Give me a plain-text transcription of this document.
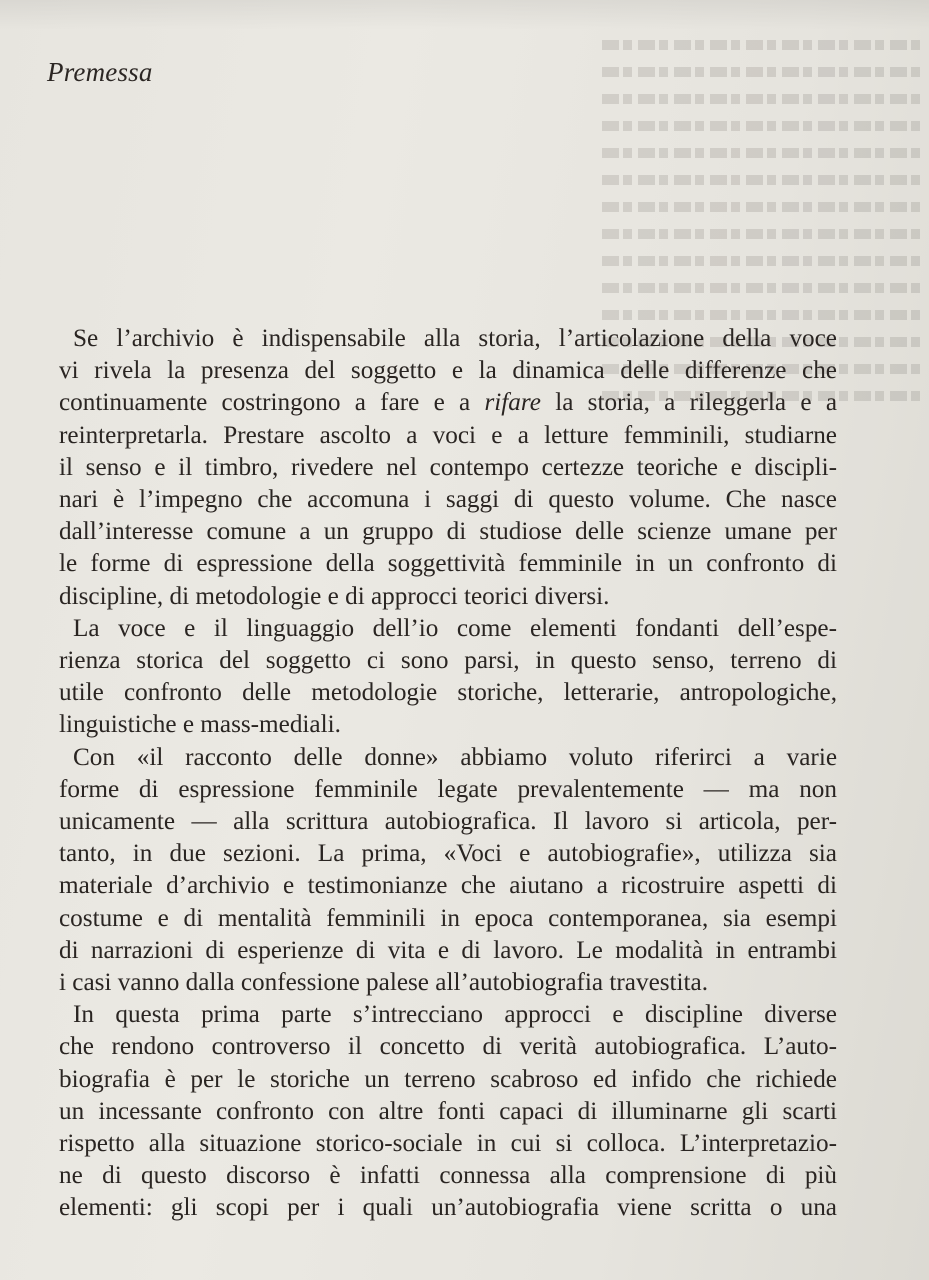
Premessa
Se l’archivio è indispensabile alla storia, l’articolazione della voce
vi rivela la presenza del soggetto e la dinamica delle differenze che
continuamente costringono a fare e a rifare la storia, a rileggerla e a
reinterpretarla. Prestare ascolto a voci e a letture femminili, studiarne
il senso e il timbro, rivedere nel contempo certezze teoriche e discipli-
nari è l’impegno che accomuna i saggi di questo volume. Che nasce
dall’interesse comune a un gruppo di studiose delle scienze umane per
le forme di espressione della soggettività femminile in un confronto di
discipline, di metodologie e di approcci teorici diversi.
La voce e il linguaggio dell’io come elementi fondanti dell’espe-
rienza storica del soggetto ci sono parsi, in questo senso, terreno di
utile confronto delle metodologie storiche, letterarie, antropologiche,
linguistiche e mass-mediali.
Con «il racconto delle donne» abbiamo voluto riferirci a varie
forme di espressione femminile legate prevalentemente — ma non
unicamente — alla scrittura autobiografica. Il lavoro si articola, per-
tanto, in due sezioni. La prima, «Voci e autobiografie», utilizza sia
materiale d’archivio e testimonianze che aiutano a ricostruire aspetti di
costume e di mentalità femminili in epoca contemporanea, sia esempi
di narrazioni di esperienze di vita e di lavoro. Le modalità in entrambi
i casi vanno dalla confessione palese all’autobiografia travestita.
In questa prima parte s’intrecciano approcci e discipline diverse
che rendono controverso il concetto di verità autobiografica. L’auto-
biografia è per le storiche un terreno scabroso ed infido che richiede
un incessante confronto con altre fonti capaci di illuminarne gli scarti
rispetto alla situazione storico-sociale in cui si colloca. L’interpretazio-
ne di questo discorso è infatti connessa alla comprensione di più
elementi: gli scopi per i quali un’autobiografia viene scritta o una
